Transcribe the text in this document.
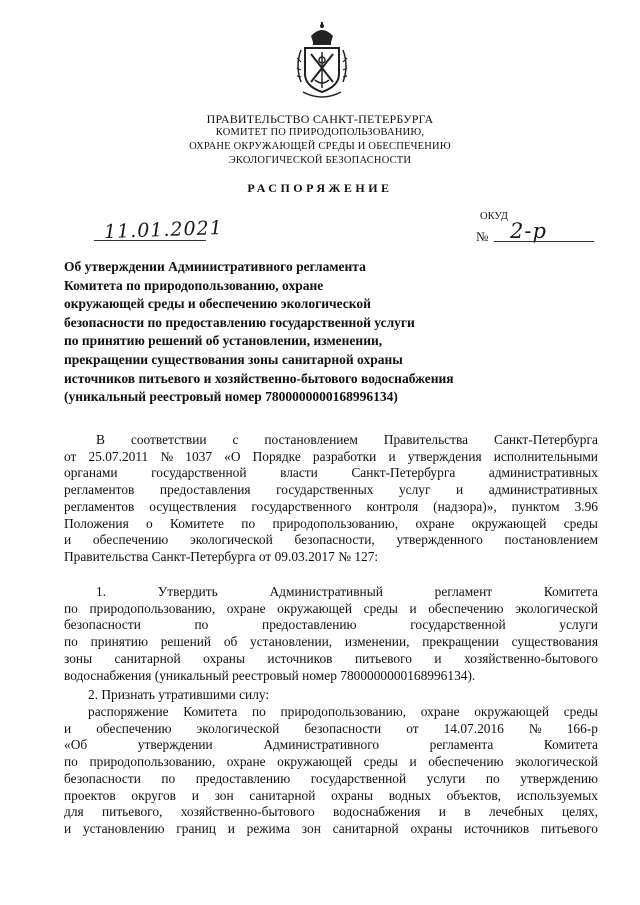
ПРАВИТЕЛЬСТВО САНКТ-ПЕТЕРБУРГА
КОМИТЕТ ПО ПРИРОДОПОЛЬЗОВАНИЮ,
ОХРАНЕ ОКРУЖАЮЩЕЙ СРЕДЫ И ОБЕСПЕЧЕНИЮ
ЭКОЛОГИЧЕСКОЙ БЕЗОПАСНОСТИ
РАСПОРЯЖЕНИЕ
11.01.2021
ОКУД
№ 2-р
Об утверждении Административного регламента
Комитета по природопользованию, охране
окружающей среды и обеспечению экологической
безопасности по предоставлению государственной услуги
по принятию решений об установлении, изменении,
прекращении существования зоны санитарной охраны
источников питьевого и хозяйственно-бытового водоснабжения
(уникальный реестровый номер 7800000000168996134)
В соответствии с постановлением Правительства Санкт-Петербурга
от 25.07.2011 № 1037 «О Порядке разработки и утверждения исполнительными
органами	государственной	власти	Санкт-Петербурга	административных
регламентов предоставления государственных услуг и административных
регламентов осуществления государственного контроля (надзора)», пунктом 3.96
Положения о Комитете по природопользованию, охране окружающей среды
и обеспечению экологической безопасности, утвержденного постановлением
Правительства Санкт-Петербурга от 09.03.2017 № 127:
1.	Утвердить	Административный	регламент	Комитета
по природопользованию, охране окружающей среды и обеспечению экологической
безопасности	по	предоставлению	государственной	услуги
по принятию решений об установлении, изменении, прекращении существования
зоны санитарной охраны источников питьевого и хозяйственно-бытового
водоснабжения (уникальный реестровый номер 7800000000168996134).
2. Признать утратившими силу:
распоряжение Комитета по природопользованию, охране окружающей среды
и обеспечению экологической безопасности от 14.07.2016 № 166-р
«Об	утверждении	Административного	регламента	Комитета
по природопользованию, охране окружающей среды и обеспечению экологической
безопасности по предоставлению государственной услуги по утверждению
проектов округов и зон санитарной охраны водных объектов, используемых
для питьевого, хозяйственно-бытового водоснабжения и в лечебных целях,
и установлению границ и режима зон санитарной охраны источников питьевого
